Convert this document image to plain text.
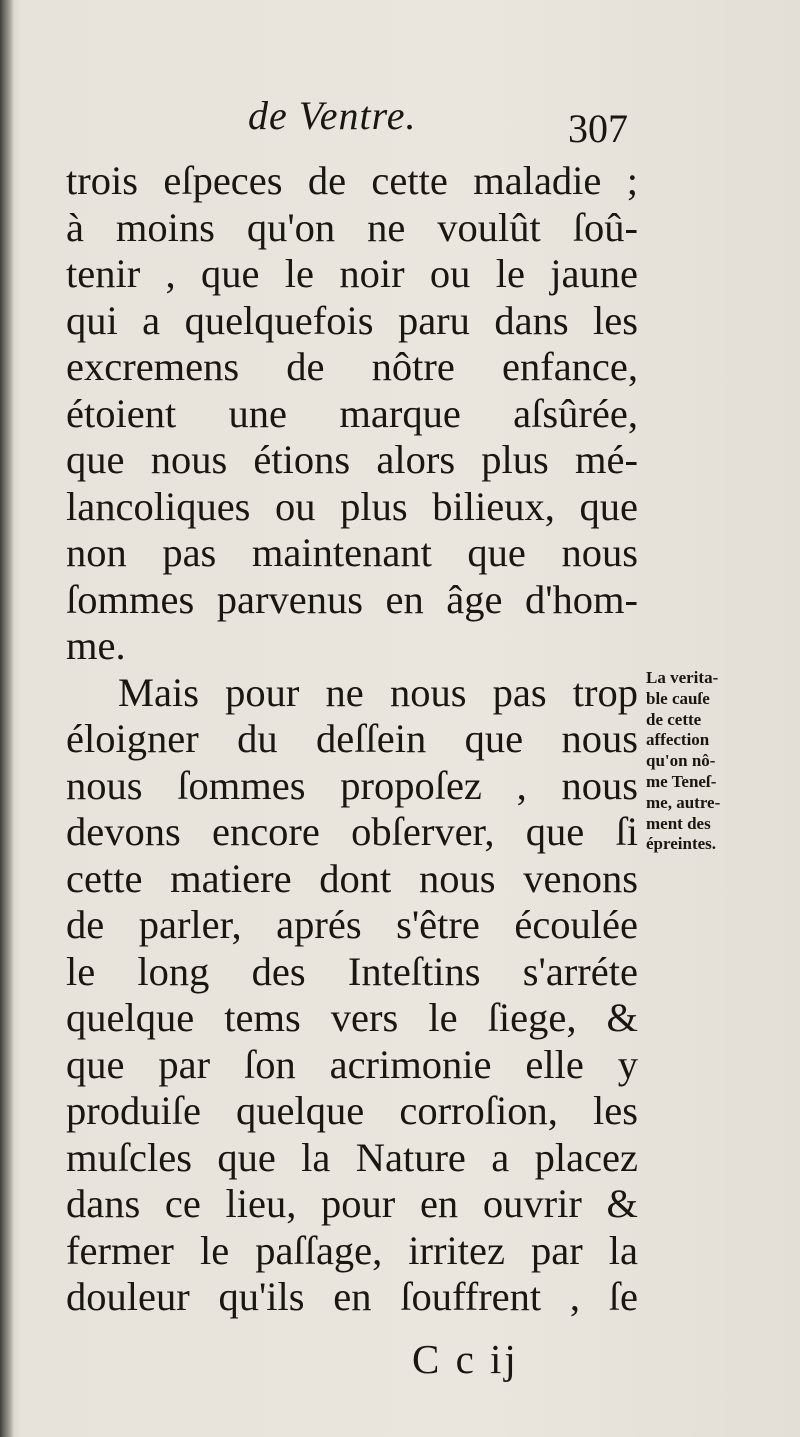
de Ventre.	307
trois eſpeces de cette maladie ;
à moins qu'on ne voulût ſoû-
tenir , que le noir ou le jaune
qui a quelquefois paru dans les
excremens de nôtre enfance,
étoient une marque aſsûrée,
que nous étions alors plus mé-
lancoliques ou plus bilieux, que
non pas maintenant que nous
ſommes parvenus en âge d'hom-
me.
Mais pour ne nous pas trop
éloigner du deſſein que nous
nous ſommes propoſez , nous
devons encore obſerver, que ſi
cette matiere dont nous venons
de parler, aprés s'être écoulée
le long des Inteſtins s'arréte
quelque tems vers le ſiege, &
que par ſon acrimonie elle y
produiſe quelque corroſion, les
muſcles que la Nature a placez
dans ce lieu, pour en ouvrir &
fermer le paſſage, irritez par la
douleur qu'ils en ſouffrent , ſe
La verita-
ble cauſe
de cette
affection
qu'on nô-
me Teneſ-
me, autre-
ment des
épreintes.
C c ij
